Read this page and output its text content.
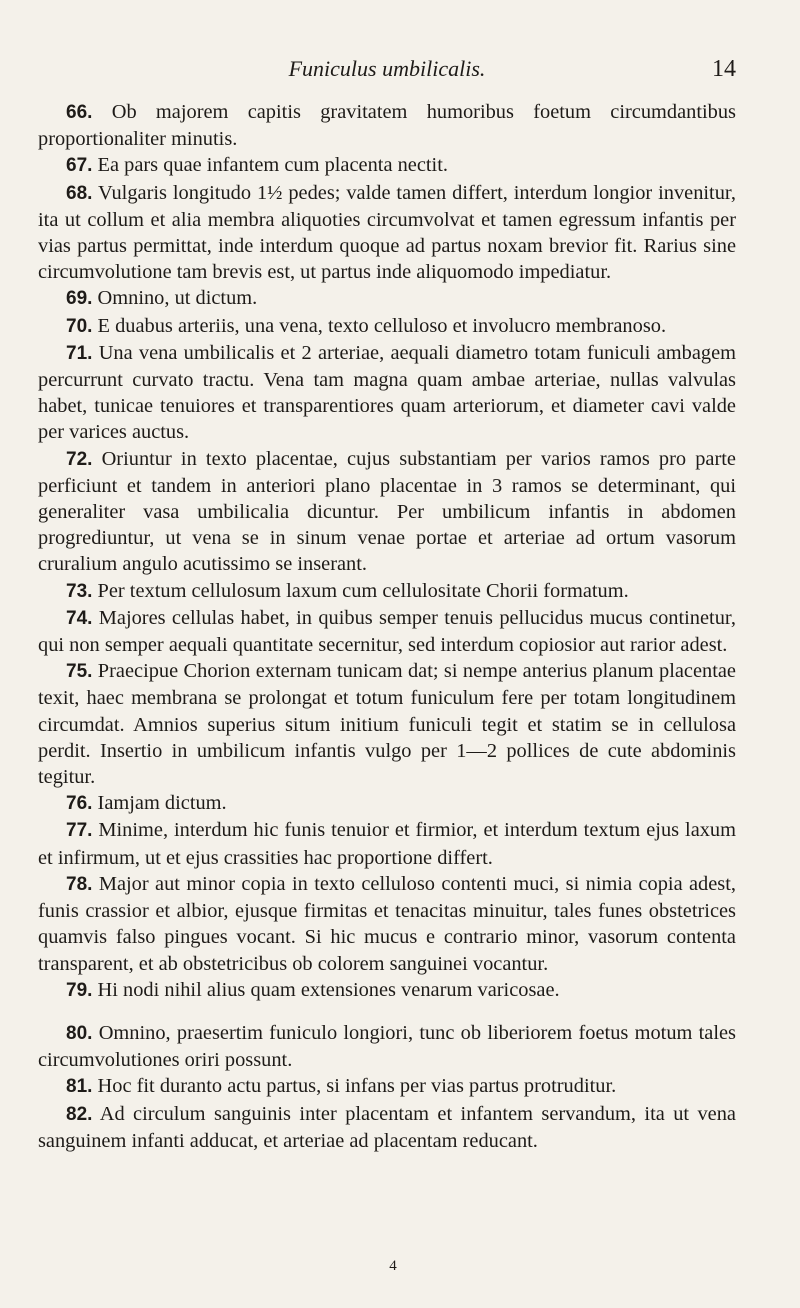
Funiculus umbilicalis.	14

66. Ob majorem capitis gravitatem humoribus foetum circumdantibus proportionaliter minutis.

67. Ea pars quae infantem cum placenta nectit.

68. Vulgaris longitudo 1½ pedes; valde tamen differt, interdum longior invenitur, ita ut collum et alia membra aliquoties circumvolvat et tamen egressum infantis per vias partus permittat, inde interdum quoque ad partus noxam brevior fit. Rarius sine circumvolutione tam brevis est, ut partus inde aliquomodo impediatur.

69. Omnino, ut dictum.

70. E duabus arteriis, una vena, texto celluloso et involucro membranoso.

71. Una vena umbilicalis et 2 arteriae, aequali diametro totam funiculi ambagem percurrunt curvato tractu. Vena tam magna quam ambae arteriae, nullas valvulas habet, tunicae tenuiores et transparentiores quam arteriorum, et diameter cavi valde per varices auctus.

72. Oriuntur in texto placentae, cujus substantiam per varios ramos pro parte perficiunt et tandem in anteriori plano placentae in 3 ramos se determinant, qui generaliter vasa umbilicalia dicuntur. Per umbilicum infantis in abdomen progrediuntur, ut vena se in sinum venae portae et arteriae ad ortum vasorum cruralium angulo acutissimo se inserant.

73. Per textum cellulosum laxum cum cellulositate Chorii formatum.

74. Majores cellulas habet, in quibus semper tenuis pellucidus mucus continetur, qui non semper aequali quantitate secernitur, sed interdum copiosior aut rarior adest.

75. Praecipue Chorion externam tunicam dat; si nempe anterius planum placentae texit, haec membrana se prolongat et totum funiculum fere per totam longitudinem circumdat. Amnios superius situm initium funiculi tegit et statim se in cellulosa perdit. Insertio in umbilicum infantis vulgo per 1—2 pollices de cute abdominis tegitur.

76. Iamjam dictum.

77. Minime, interdum hic funis tenuior et firmior, et interdum textum ejus laxum et infirmum, ut et ejus crassities hac proportione differt.

78. Major aut minor copia in texto celluloso contenti muci, si nimia copia adest, funis crassior et albior, ejusque firmitas et tenacitas minuitur, tales funes obstetrices quamvis falso pingues vocant. Si hic mucus e contrario minor, vasorum contenta transparent, et ab obstetricibus ob colorem sanguinei vocantur.

79. Hi nodi nihil alius quam extensiones venarum varicosae.

80. Omnino, praesertim funiculo longiori, tunc ob liberiorem foetus motum tales circumvolutiones oriri possunt.

81. Hoc fit duranto actu partus, si infans per vias partus protruditur.

82. Ad circulum sanguinis inter placentam et infantem servandum, ita ut vena sanguinem infanti adducat, et arteriae ad placentam reducant.

4
